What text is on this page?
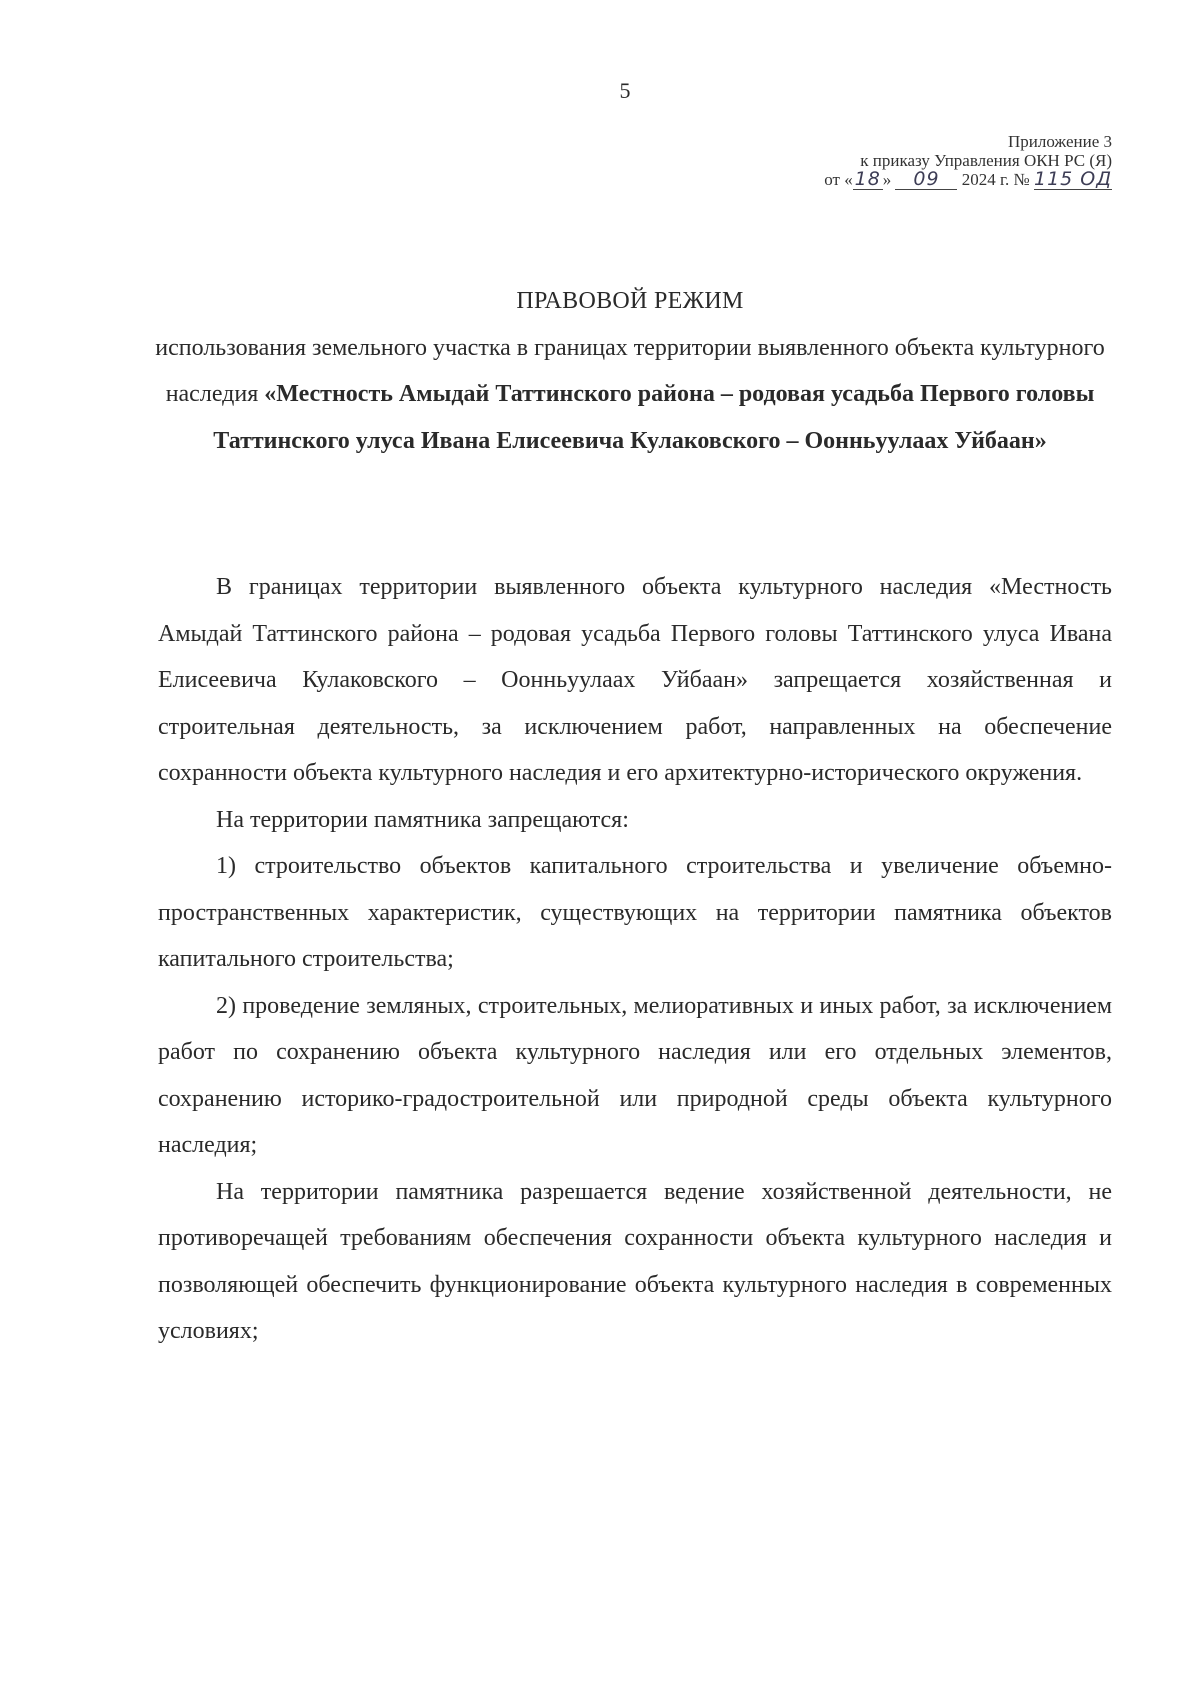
5
Приложение 3
к приказу Управления ОКН РС (Я)
от « 18 » 09 2024 г. № 115 ОД
ПРАВОВОЙ РЕЖИМ
использования земельного участка в границах территории выявленного объекта культурного наследия «Местность Амыдай Таттинского района – родовая усадьба Первого головы Таттинского улуса Ивана Елисеевича Кулаковского – Оонньуулаах Уйбаан»

В границах территории выявленного объекта культурного наследия «Местность Амыдай Таттинского района – родовая усадьба Первого головы Таттинского улуса Ивана Елисеевича Кулаковского – Оонньуулаах Уйбаан» запрещается хозяйственная и строительная деятельность, за исключением работ, направленных на обеспечение сохранности объекта культурного наследия и его архитектурно-исторического окружения.

На территории памятника запрещаются:

1) строительство объектов капитального строительства и увеличение объемно-пространственных характеристик, существующих на территории памятника объектов капитального строительства;

2) проведение земляных, строительных, мелиоративных и иных работ, за исключением работ по сохранению объекта культурного наследия или его отдельных элементов, сохранению историко-градостроительной или природной среды объекта культурного наследия;

На территории памятника разрешается ведение хозяйственной деятельности, не противоречащей требованиям обеспечения сохранности объекта культурного наследия и позволяющей обеспечить функционирование объекта культурного наследия в современных условиях;
